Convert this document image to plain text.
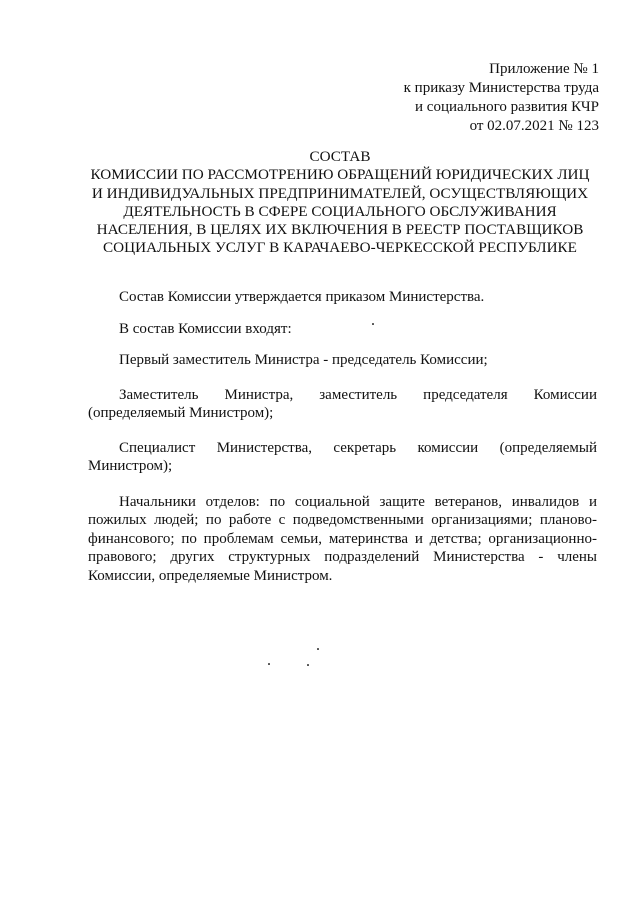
Приложение № 1
к приказу Министерства труда
и социального развития КЧР
от 02.07.2021 № 123
СОСТАВ
КОМИССИИ ПО РАССМОТРЕНИЮ ОБРАЩЕНИЙ ЮРИДИЧЕСКИХ ЛИЦ
И ИНДИВИДУАЛЬНЫХ ПРЕДПРИНИМАТЕЛЕЙ, ОСУЩЕСТВЛЯЮЩИХ
ДЕЯТЕЛЬНОСТЬ В СФЕРЕ СОЦИАЛЬНОГО ОБСЛУЖИВАНИЯ
НАСЕЛЕНИЯ, В ЦЕЛЯХ ИХ ВКЛЮЧЕНИЯ В РЕЕСТР ПОСТАВЩИКОВ
СОЦИАЛЬНЫХ УСЛУГ В КАРАЧАЕВО-ЧЕРКЕССКОЙ РЕСПУБЛИКЕ

Состав Комиссии утверждается приказом Министерства.

В состав Комиссии входят:

Первый заместитель Министра - председатель Комиссии;

Заместитель Министра, заместитель председателя Комиссии (определяемый Министром);

Специалист Министерства, секретарь комиссии (определяемый Министром);

Начальники отделов: по социальной защите ветеранов, инвалидов и пожилых людей; по работе с подведомственными организациями; планово-финансового; по проблемам семьи, материнства и детства; организационно-правового; других структурных подразделений Министерства - члены Комиссии, определяемые Министром.
